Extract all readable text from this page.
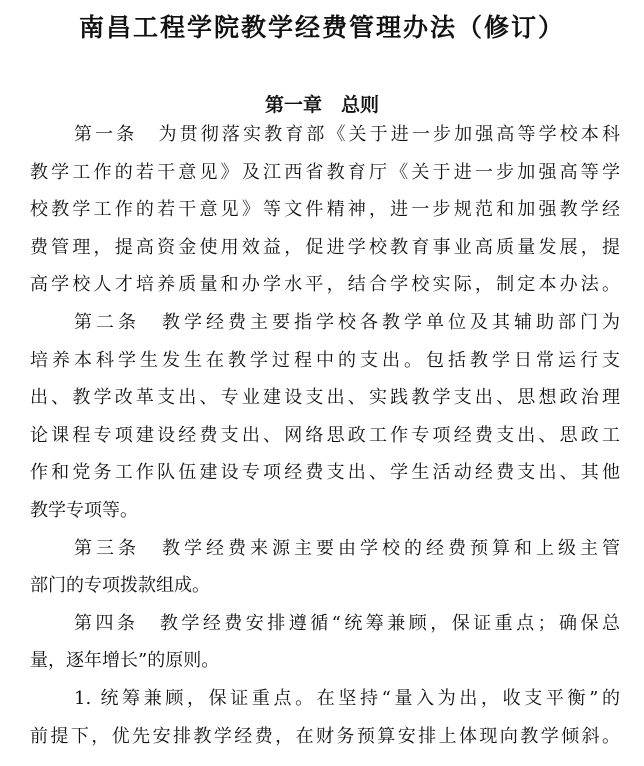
南昌工程学院教学经费管理办法（修订）
第一章　总则
第一条　为贯彻落实教育部《关于进一步加强高等学校本科
教学工作的若干意见》及江西省教育厅《关于进一步加强高等学
校教学工作的若干意见》等文件精神，进一步规范和加强教学经
费管理，提高资金使用效益，促进学校教育事业高质量发展，提
高学校人才培养质量和办学水平，结合学校实际，制定本办法。
第二条　教学经费主要指学校各教学单位及其辅助部门为
培养本科学生发生在教学过程中的支出。包括教学日常运行支
出、教学改革支出、专业建设支出、实践教学支出、思想政治理
论课程专项建设经费支出、网络思政工作专项经费支出、思政工
作和党务工作队伍建设专项经费支出、学生活动经费支出、其他
教学专项等。
第三条　教学经费来源主要由学校的经费预算和上级主管
部门的专项拨款组成。
第四条　教学经费安排遵循“统筹兼顾，保证重点；确保总
量，逐年增长”的原则。
1. 统筹兼顾，保证重点。在坚持“量入为出，收支平衡”的
前提下，优先安排教学经费，在财务预算安排上体现向教学倾斜。
